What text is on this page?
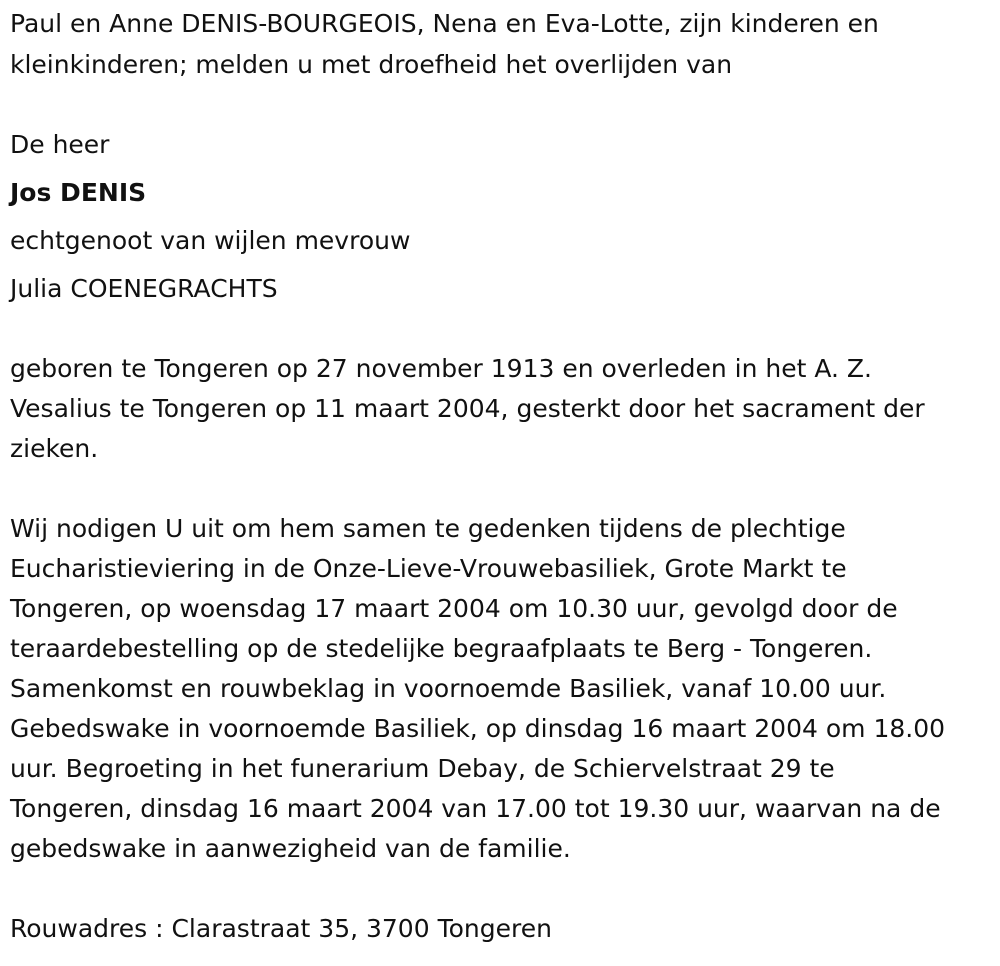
Paul en Anne DENIS-BOURGEOIS, Nena en Eva-Lotte, zijn kinderen en
kleinkinderen; melden u met droefheid het overlijden van
De heer
Jos DENIS
echtgenoot van wijlen mevrouw
Julia COENEGRACHTS
geboren te Tongeren op 27 november 1913 en overleden in het A. Z.
Vesalius te Tongeren op 11 maart 2004, gesterkt door het sacrament der
zieken.
Wij nodigen U uit om hem samen te gedenken tijdens de plechtige
Eucharistieviering in de Onze-Lieve-Vrouwebasiliek, Grote Markt te
Tongeren, op woensdag 17 maart 2004 om 10.30 uur, gevolgd door de
teraardebestelling op de stedelijke begraafplaats te Berg - Tongeren.
Samenkomst en rouwbeklag in voornoemde Basiliek, vanaf 10.00 uur.
Gebedswake in voornoemde Basiliek, op dinsdag 16 maart 2004 om 18.00
uur. Begroeting in het funerarium Debay, de Schiervelstraat 29 te
Tongeren, dinsdag 16 maart 2004 van 17.00 tot 19.30 uur, waarvan na de
gebedswake in aanwezigheid van de familie.
Rouwadres : Clarastraat 35, 3700 Tongeren
